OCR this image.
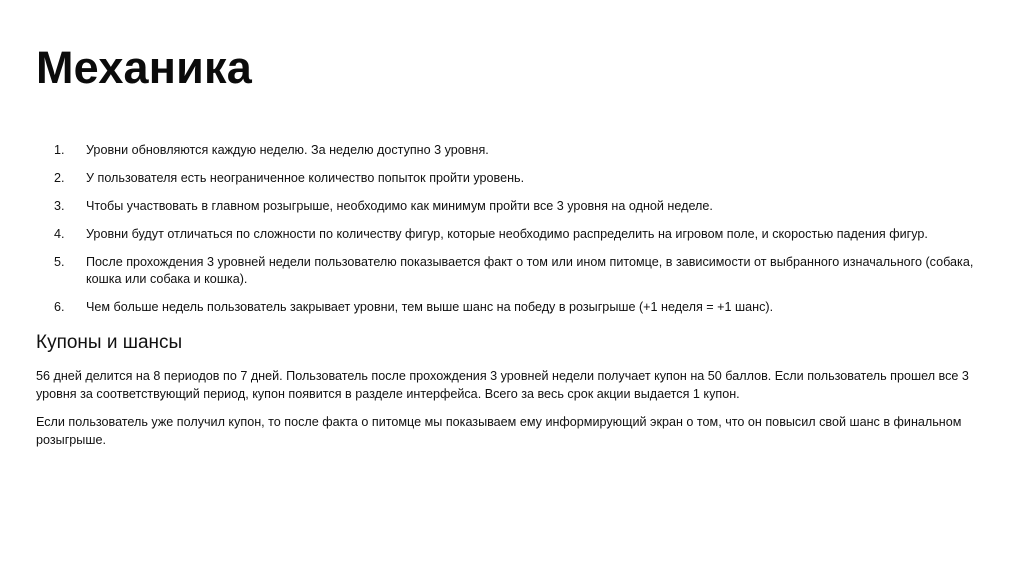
Механика
1.	Уровни обновляются каждую неделю. За неделю доступно 3 уровня.
2.	У пользователя есть неограниченное количество попыток пройти уровень.
3.	Чтобы участвовать в главном розыгрыше, необходимо как минимум пройти все 3 уровня на одной неделе.
4.	Уровни будут отличаться по сложности по количеству фигур, которые необходимо распределить на игровом поле, и скоростью падения фигур.
5.	После прохождения 3 уровней недели пользователю показывается факт о том или ином питомце, в зависимости от выбранного изначального (собака, кошка или собака и кошка).
6.	Чем больше недель пользователь закрывает уровни, тем выше шанс на победу в розыгрыше (+1 неделя = +1 шанс).
Купоны и шансы

56 дней делится на 8 периодов по 7 дней. Пользователь после прохождения 3 уровней недели получает купон на 50 баллов. Если пользователь прошел все 3 уровня за соответствующий период, купон появится в разделе интерфейса. Всего за весь срок акции выдается 1 купон.

Если пользователь уже получил купон, то после факта о питомце мы показываем ему информирующий экран о том, что он повысил свой шанс в финальном розыгрыше.
